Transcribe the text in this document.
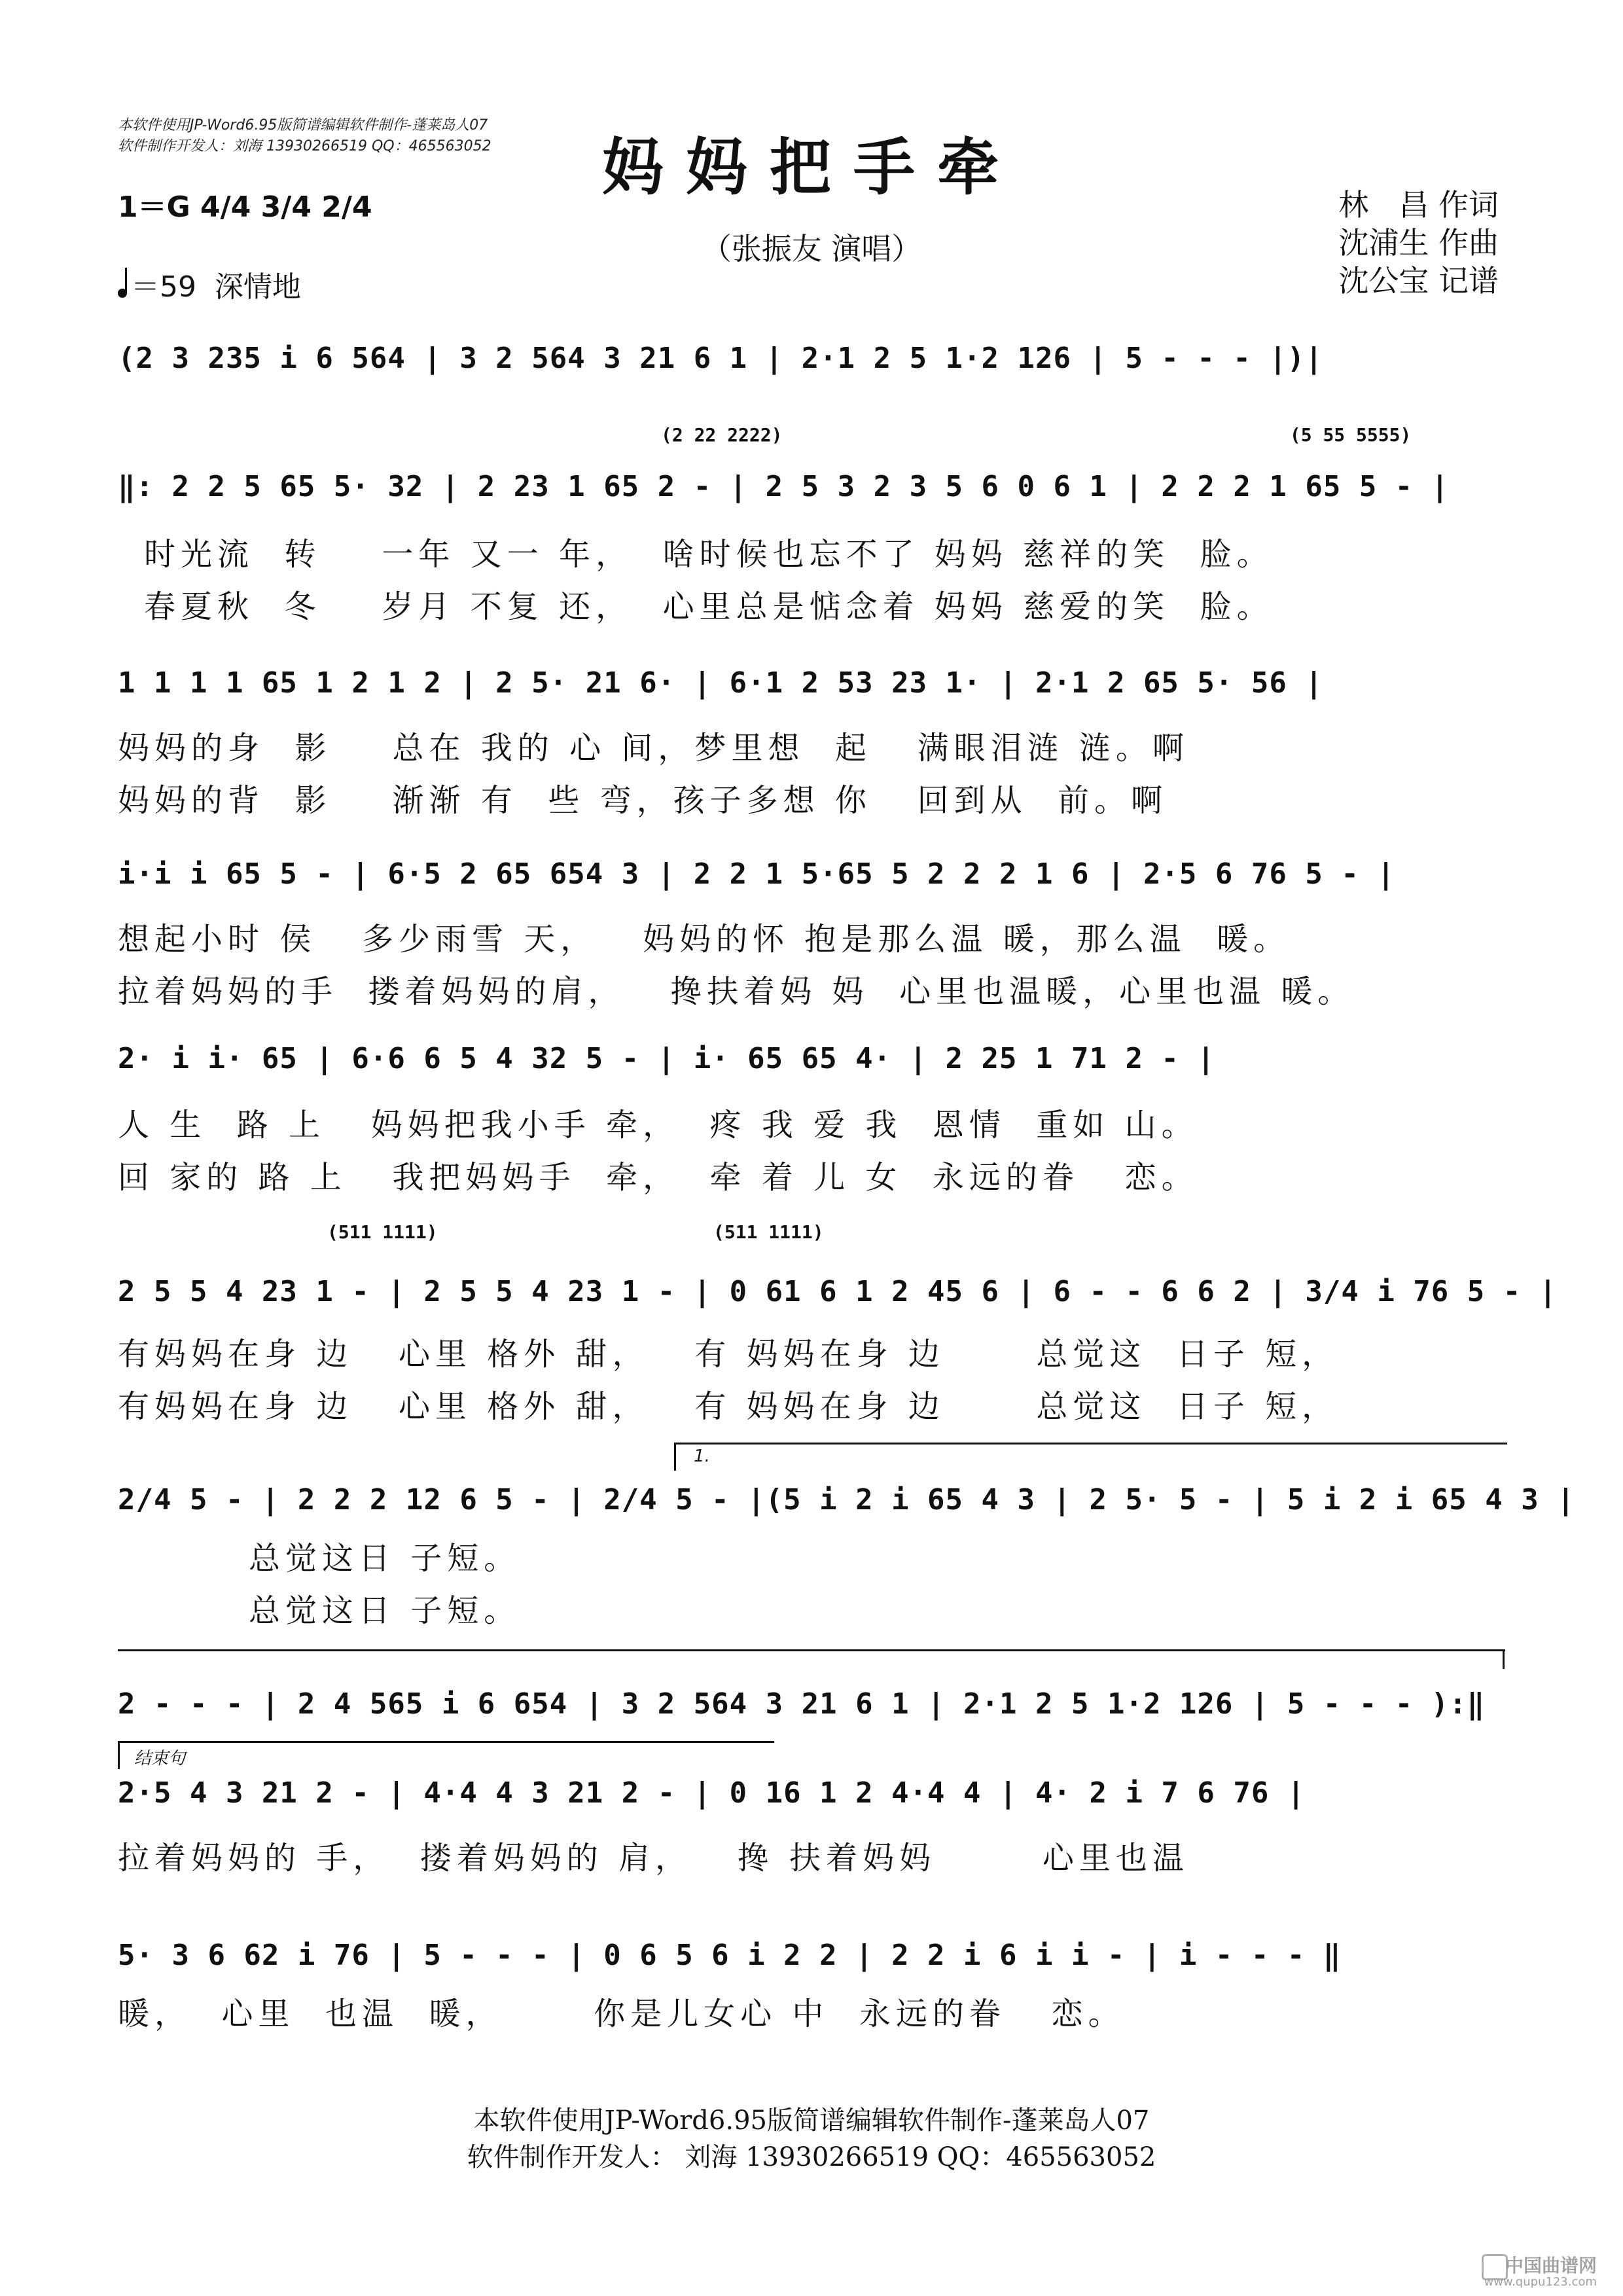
本软件使用JP-Word6.95版简谱编辑软件制作-蓬莱岛人07
软件制作开发人：刘海 13930266519 QQ：465563052	妈妈把手牵
（张振友 演唱）
1＝G 4/4 3/4 2/4
＝59 深情地
林　昌 作词
沈浦生 作曲
沈公宝 记谱
(2 3 235 i 6 564 | 3 2 564 3 21 6 1 | 2·1 2 5 1·2 126 | 5 - - - |)|
(2 22 2222)                                              (5 55 5555)
‖: 2 2 5 65 5· 32 | 2 23 1 65 2 - | 2 5 3 2 3 5 6 0 6 1 | 2 2 2 1 65 5 - |
时光流  转    一年 又一 年，  啥时候也忘不了 妈妈 慈祥的笑  脸。
春夏秋  冬    岁月 不复 还，  心里总是惦念着 妈妈 慈爱的笑  脸。
1 1 1 1 65 1 2 1 2 | 2 5· 21 6· | 6·1 2 53 23 1· | 2·1 2 65 5· 56 |
妈妈的身  影    总在 我的 心 间，梦里想  起   满眼泪涟 涟。啊
妈妈的背  影    渐渐 有  些 弯，孩子多想 你   回到从  前。啊
i·i i 65 5 - | 6·5 2 65 654 3 | 2 2 1 5·65 5 2 2 2 1 6 | 2·5 6 76 5 - |
想起小时 侯   多少雨雪 天，   妈妈的怀 抱是那么温 暖，那么温  暖。
拉着妈妈的手  搂着妈妈的肩，   搀扶着妈 妈  心里也温暖，心里也温 暖。
2· i i· 65 | 6·6 6 5 4 32 5 - | i· 65 65 4· | 2 25 1 71 2 - |
人 生  路 上   妈妈把我小手 牵，  疼 我 爱 我  恩情  重如 山。
回 家的 路 上   我把妈妈手  牵，  牵 着 儿 女  永远的眷   恋。
(511 1111)                         (511 1111)
2 5 5 4 23 1 - | 2 5 5 4 23 1 - | 0 61 6 1 2 45 6 | 6 - - 6 6 2 | 3/4 i 76 5 - |
有妈妈在身 边   心里 格外 甜，   有 妈妈在身 边      总觉这  日子 短，
有妈妈在身 边   心里 格外 甜，   有 妈妈在身 边      总觉这  日子 短，
1.
2/4 5 - | 2 2 2 12 6 5 - | 2/4 5 - |(5 i 2 i 65 4 3 | 2 5· 5 - | 5 i 2 i 65 4 3 |
总觉这日 子短。
总觉这日 子短。
2 - - - | 2 4 565 i 6 654 | 3 2 564 3 21 6 1 | 2·1 2 5 1·2 126 | 5 - - - ):‖
结束句
2·5 4 3 21 2 - | 4·4 4 3 21 2 - | 0 16 1 2 4·4 4 | 4· 2 i 7 6 76 |
拉着妈妈的 手，  搂着妈妈的 肩，   搀 扶着妈妈       心里也温
5· 3 6 62 i 76 | 5 - - - | 0 6 5 6 i 2 2 | 2 2 i 6 i i - | i - - - ‖
暖，  心里  也温  暖，      你是儿女心 中  永远的眷   恋。
本软件使用JP-Word6.95版简谱编辑软件制作-蓬莱岛人07
软件制作开发人： 刘海 13930266519 QQ：465563052
中国曲谱网
www.qupu123.com
